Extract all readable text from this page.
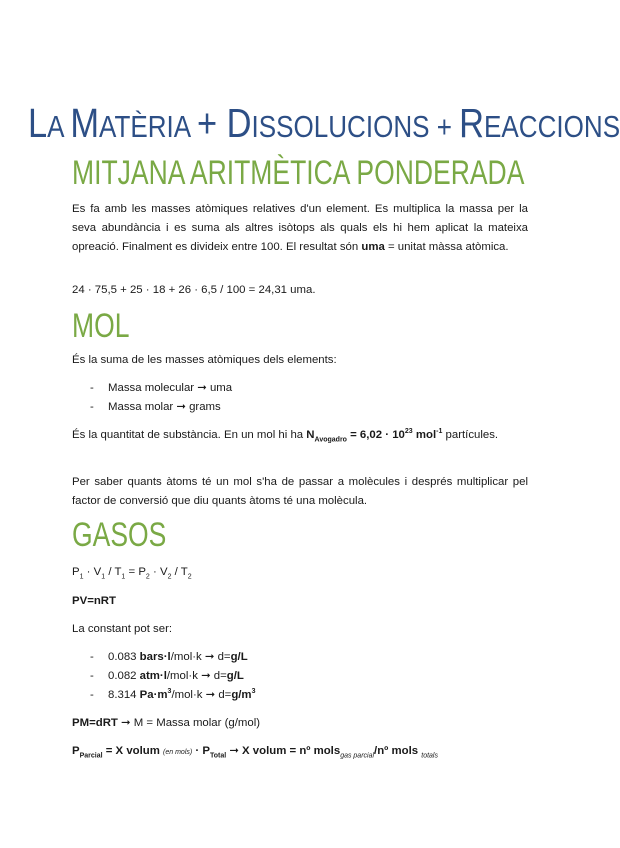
LA MATÈRIA + DISSOLUCIONS + REACCIONS
MITJANA ARITMÈTICA PONDERADA
Es fa amb les masses atòmiques relatives d'un element. Es multiplica la massa per la seva abundància i es suma als altres isòtops als quals els hi hem aplicat la mateixa opreació. Finalment es divideix entre 100. El resultat són uma = unitat màssa atòmica.
24 · 75,5 + 25 · 18 + 26 · 6,5 / 100 = 24,31 uma.
MOL
És la suma de les masses atòmiques dels elements:
- Massa molecular ➞ uma
- Massa molar ➞ grams
És la quantitat de substància. En un mol hi ha $N_{Avogadro} = 6,02 \cdot 10^{23}$ mol$^{-1}$ partícules.
Per saber quants àtoms té un mol s'ha de passar a molècules i després multiplicar pel factor de conversió que diu quants àtoms té una molècula.
GASOS
$P_1 \cdot V_1 / T_1 = P_2 \cdot V_2 / T_2$
PV=nRT
La constant pot ser:
- 0.083 bars·l/mol·k ➞ d=g/L
- 0.082 atm·l/mol·k ➞ d=g/L
- 8.314 $Pa\cdot m^3/mol\cdot k$ ➞ $d=g/m^3$
PM=dRT ➞ M = Massa molar (g/mol)
$P_{Parcial} = X$ volum (en mols) · $P_{Total}$ ➞ X volum = nº mols$_{gas parcial}$/nº mols $_{totals}$
